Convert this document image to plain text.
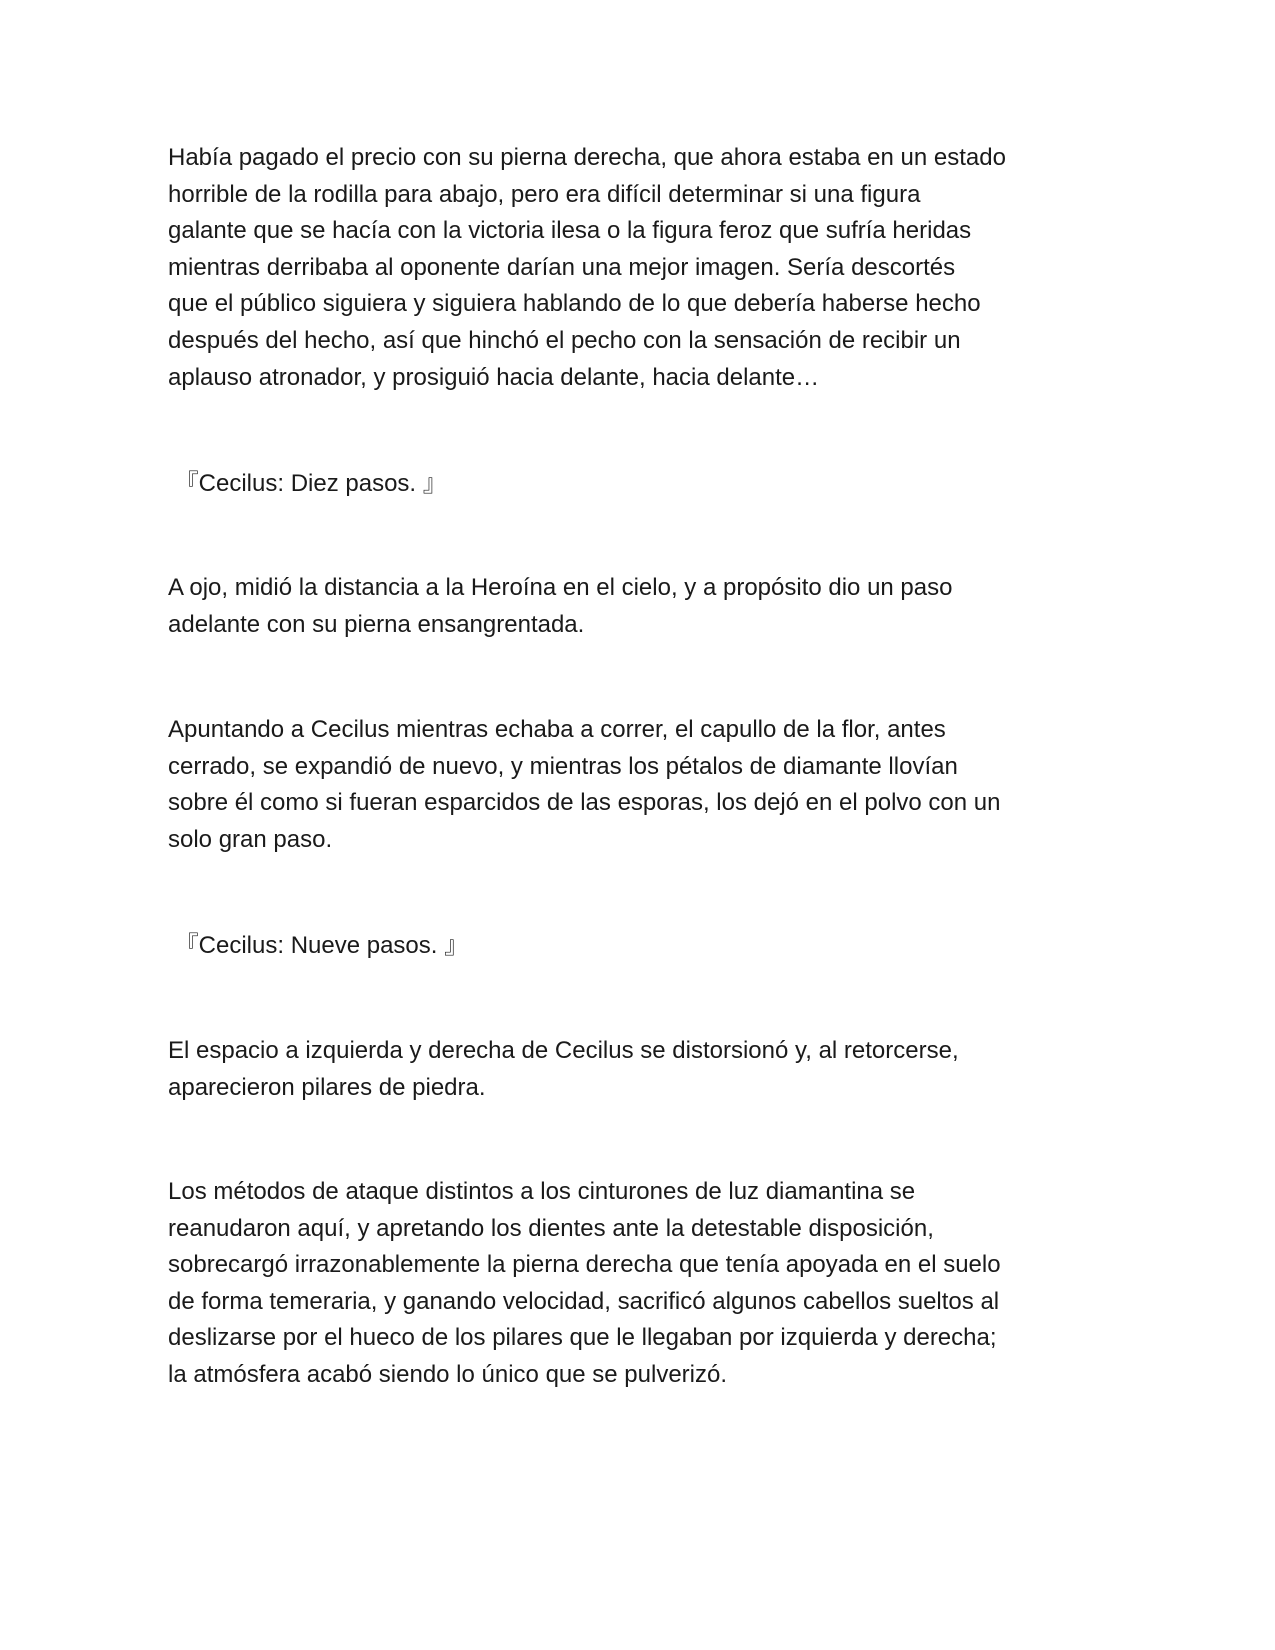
Había pagado el precio con su pierna derecha, que ahora estaba en un estado
horrible de la rodilla para abajo, pero era difícil determinar si una figura
galante que se hacía con la victoria ilesa o la figura feroz que sufría heridas
mientras derribaba al oponente darían una mejor imagen. Sería descortés
que el público siguiera y siguiera hablando de lo que debería haberse hecho
después del hecho, así que hinchó el pecho con la sensación de recibir un
aplauso atronador, y prosiguió hacia delante, hacia delante…
『Cecilus: Diez pasos. 』
A ojo, midió la distancia a la Heroína en el cielo, y a propósito dio un paso
adelante con su pierna ensangrentada.
Apuntando a Cecilus mientras echaba a correr, el capullo de la flor, antes
cerrado, se expandió de nuevo, y mientras los pétalos de diamante llovían
sobre él como si fueran esparcidos de las esporas, los dejó en el polvo con un
solo gran paso.
『Cecilus: Nueve pasos. 』
El espacio a izquierda y derecha de Cecilus se distorsionó y, al retorcerse,
aparecieron pilares de piedra.
Los métodos de ataque distintos a los cinturones de luz diamantina se
reanudaron aquí, y apretando los dientes ante la detestable disposición,
sobrecargó irrazonablemente la pierna derecha que tenía apoyada en el suelo
de forma temeraria, y ganando velocidad, sacrificó algunos cabellos sueltos al
deslizarse por el hueco de los pilares que le llegaban por izquierda y derecha;
la atmósfera acabó siendo lo único que se pulverizó.
